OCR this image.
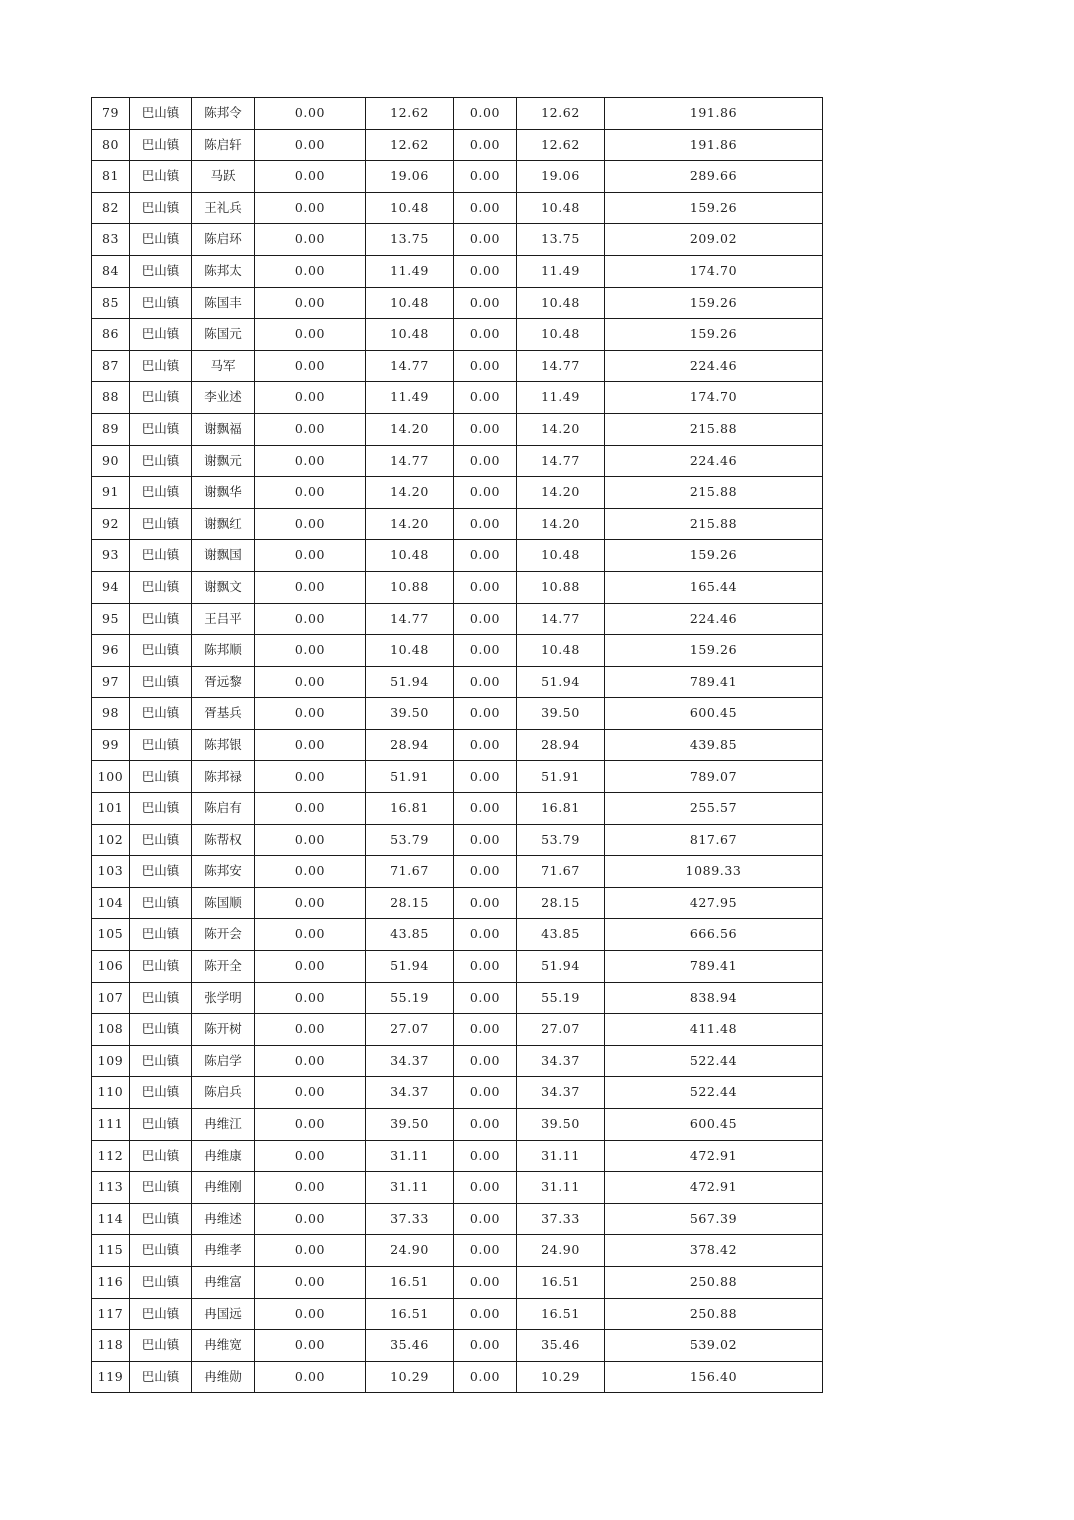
79	巴山镇	陈邦令	0.00	12.62	0.00	12.62	191.86
80	巴山镇	陈启轩	0.00	12.62	0.00	12.62	191.86
81	巴山镇	马跃	0.00	19.06	0.00	19.06	289.66
82	巴山镇	王礼兵	0.00	10.48	0.00	10.48	159.26
83	巴山镇	陈启环	0.00	13.75	0.00	13.75	209.02
84	巴山镇	陈邦太	0.00	11.49	0.00	11.49	174.70
85	巴山镇	陈国丰	0.00	10.48	0.00	10.48	159.26
86	巴山镇	陈国元	0.00	10.48	0.00	10.48	159.26
87	巴山镇	马军	0.00	14.77	0.00	14.77	224.46
88	巴山镇	李业述	0.00	11.49	0.00	11.49	174.70
89	巴山镇	谢飘福	0.00	14.20	0.00	14.20	215.88
90	巴山镇	谢飘元	0.00	14.77	0.00	14.77	224.46
91	巴山镇	谢飘华	0.00	14.20	0.00	14.20	215.88
92	巴山镇	谢飘红	0.00	14.20	0.00	14.20	215.88
93	巴山镇	谢飘国	0.00	10.48	0.00	10.48	159.26
94	巴山镇	谢飘文	0.00	10.88	0.00	10.88	165.44
95	巴山镇	王吕平	0.00	14.77	0.00	14.77	224.46
96	巴山镇	陈邦顺	0.00	10.48	0.00	10.48	159.26
97	巴山镇	胥远黎	0.00	51.94	0.00	51.94	789.41
98	巴山镇	胥基兵	0.00	39.50	0.00	39.50	600.45
99	巴山镇	陈邦银	0.00	28.94	0.00	28.94	439.85
100	巴山镇	陈邦禄	0.00	51.91	0.00	51.91	789.07
101	巴山镇	陈启有	0.00	16.81	0.00	16.81	255.57
102	巴山镇	陈帮权	0.00	53.79	0.00	53.79	817.67
103	巴山镇	陈邦安	0.00	71.67	0.00	71.67	1089.33
104	巴山镇	陈国顺	0.00	28.15	0.00	28.15	427.95
105	巴山镇	陈开会	0.00	43.85	0.00	43.85	666.56
106	巴山镇	陈开全	0.00	51.94	0.00	51.94	789.41
107	巴山镇	张学明	0.00	55.19	0.00	55.19	838.94
108	巴山镇	陈开树	0.00	27.07	0.00	27.07	411.48
109	巴山镇	陈启学	0.00	34.37	0.00	34.37	522.44
110	巴山镇	陈启兵	0.00	34.37	0.00	34.37	522.44
111	巴山镇	冉维江	0.00	39.50	0.00	39.50	600.45
112	巴山镇	冉维康	0.00	31.11	0.00	31.11	472.91
113	巴山镇	冉维刚	0.00	31.11	0.00	31.11	472.91
114	巴山镇	冉维述	0.00	37.33	0.00	37.33	567.39
115	巴山镇	冉维孝	0.00	24.90	0.00	24.90	378.42
116	巴山镇	冉维富	0.00	16.51	0.00	16.51	250.88
117	巴山镇	冉国远	0.00	16.51	0.00	16.51	250.88
118	巴山镇	冉维宽	0.00	35.46	0.00	35.46	539.02
119	巴山镇	冉维勋	0.00	10.29	0.00	10.29	156.40
